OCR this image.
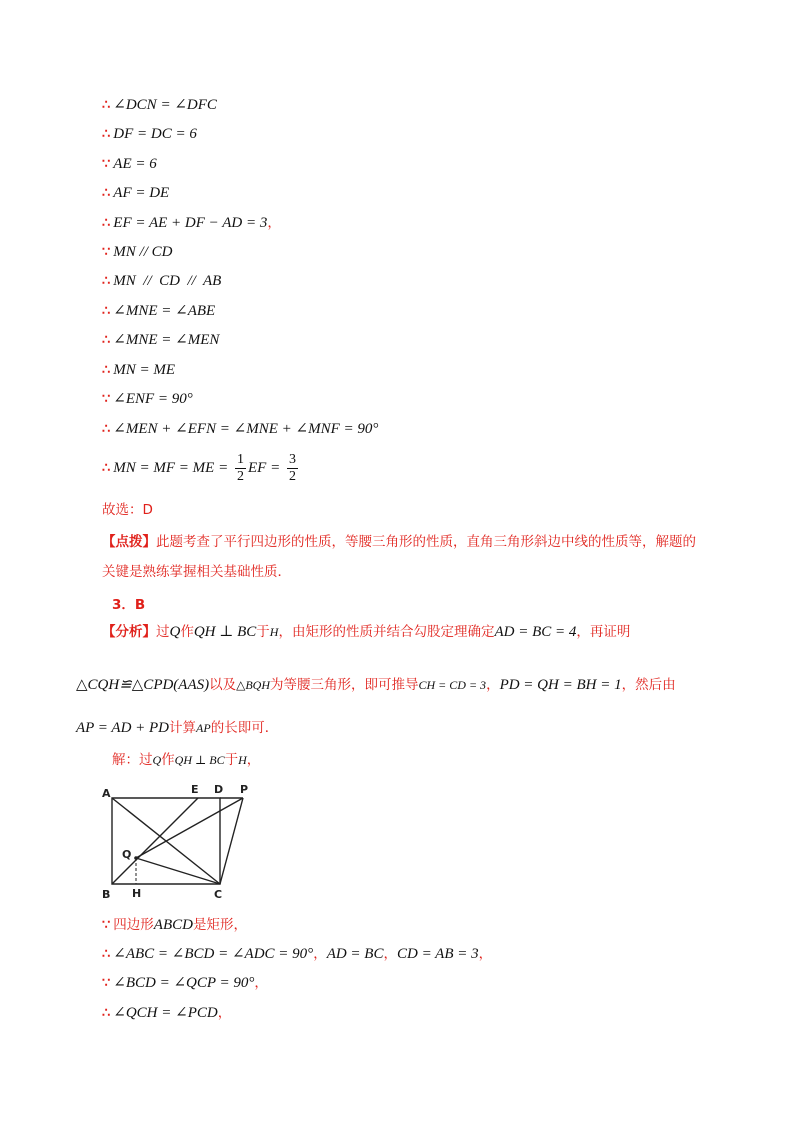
∴ ∠DCN = ∠DFC
∴ DF = DC = 6
∵ AE = 6
∴ AF = DE
∴ EF = AE + DF − AD = 3，
∵ MN // CD
∴ MN  //  CD  //  AB
∴ ∠MNE = ∠ABE
∴ ∠MNE = ∠MEN
∴ MN = ME
∵ ∠ENF = 90°
∴ ∠MEN + ∠EFN = ∠MNE + ∠MNF = 90°
∴ MN = MF = ME = $\frac{1}{2}$ EF = $\frac{3}{2}$
故选：D
【点拨】此题考查了平行四边形的性质，等腰三角形的性质，直角三角形斜边中线的性质等，解题的
关键是熟练掌握相关基础性质．
3．B
【分析】过Q作QH ⊥ BC于H，由矩形的性质并结合勾股定理确定AD = BC = 4，再证明
△CQH≌△CPD(AAS)以及△BQH为等腰三角形，即可推导CH = CD = 3，PD = QH = BH = 1，然后由
AP = AD + PD计算AP的长即可．
解：过Q作QH ⊥ BC于H，
A
B	C
D
E	P
Q
H
∵ 四边形ABCD是矩形，
∴ ∠ABC = ∠BCD = ∠ADC = 90°，AD = BC，CD = AB = 3，
∵ ∠BCD = ∠QCP = 90°，
∴ ∠QCH = ∠PCD，
